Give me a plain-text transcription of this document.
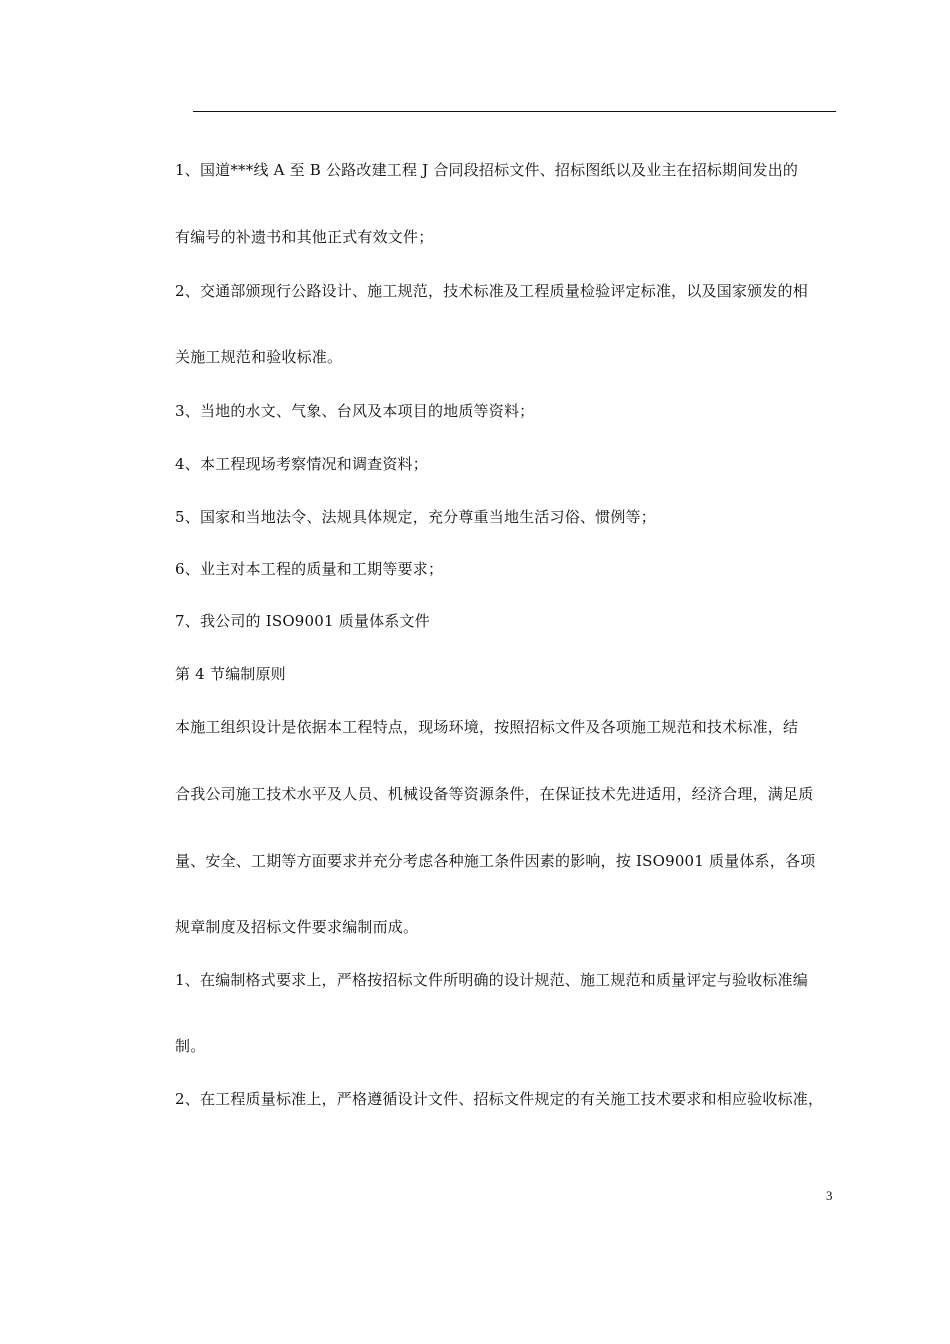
1、国道***线 A 至 B 公路改建工程 J 合同段招标文件、招标图纸以及业主在招标期间发出的
有编号的补遗书和其他正式有效文件；
2、交通部颁现行公路设计、施工规范，技术标准及工程质量检验评定标准，以及国家颁发的相
关施工规范和验收标准。
3、当地的水文、气象、台风及本项目的地质等资料；
4、本工程现场考察情况和调查资料；
5、国家和当地法令、法规具体规定，充分尊重当地生活习俗、惯例等；
6、业主对本工程的质量和工期等要求；
7、我公司的 ISO9001 质量体系文件
第 4 节编制原则
本施工组织设计是依据本工程特点，现场环境，按照招标文件及各项施工规范和技术标准，结
合我公司施工技术水平及人员、机械设备等资源条件，在保证技术先进适用，经济合理，满足质
量、安全、工期等方面要求并充分考虑各种施工条件因素的影响，按 ISO9001 质量体系，各项
规章制度及招标文件要求编制而成。
1、在编制格式要求上，严格按招标文件所明确的设计规范、施工规范和质量评定与验收标准编
制。
2、在工程质量标准上，严格遵循设计文件、招标文件规定的有关施工技术要求和相应验收标准，
3
